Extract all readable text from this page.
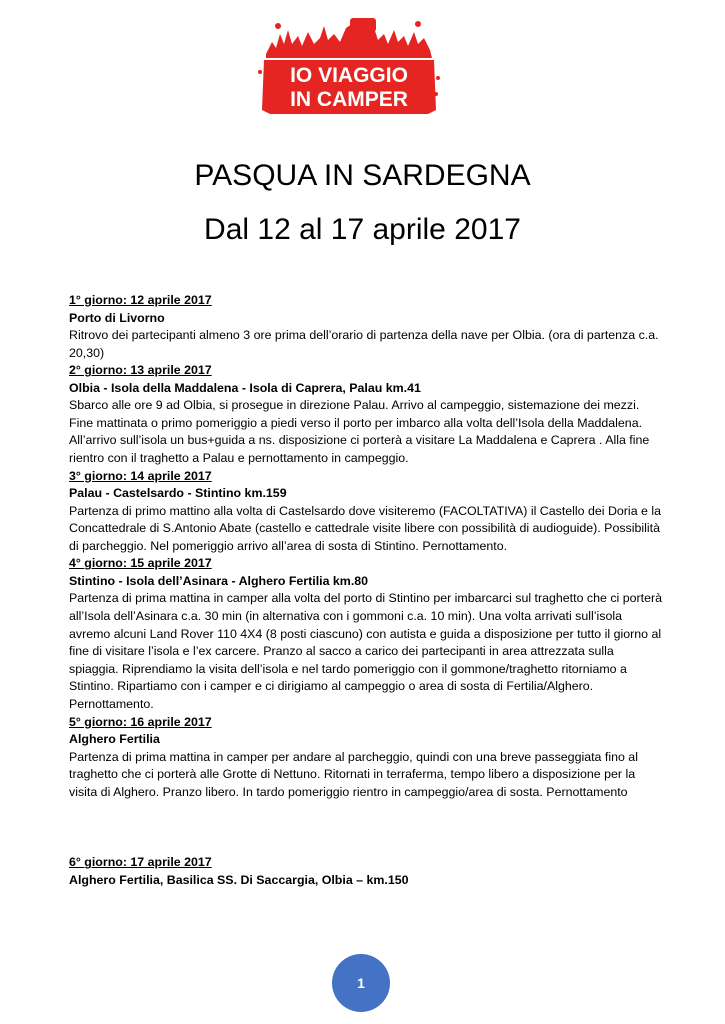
IO VIAGGIO
IN CAMPER
PASQUA IN SARDEGNA
Dal 12 al 17 aprile 2017

1° giorno: 12 aprile 2017

Porto di Livorno

Ritrovo dei partecipanti almeno 3 ore prima dell’orario di partenza della nave per Olbia. (ora di partenza c.a. 20,30)

2° giorno: 13 aprile 2017

Olbia - Isola della Maddalena - Isola di Caprera, Palau km.41

Sbarco alle ore 9 ad Olbia, si prosegue in direzione Palau. Arrivo al campeggio, sistemazione dei mezzi. Fine mattinata o primo pomeriggio a piedi verso il porto per imbarco alla volta dell’Isola della Maddalena. All’arrivo sull’isola un bus+guida a ns. disposizione ci porterà a visitare La Maddalena e Caprera . Alla fine rientro con il traghetto a Palau e pernottamento in campeggio.

3° giorno: 14 aprile 2017

Palau - Castelsardo - Stintino km.159

Partenza di primo mattino alla volta di Castelsardo dove visiteremo (FACOLTATIVA) il Castello dei Doria e la Concattedrale di S.Antonio Abate (castello e cattedrale visite libere con possibilità di audioguide). Possibilità di parcheggio. Nel pomeriggio arrivo all’area di sosta di Stintino. Pernottamento.

4° giorno: 15 aprile 2017

Stintino - Isola dell’Asinara - Alghero Fertilia km.80

Partenza di prima mattina in camper alla volta del porto di Stintino per imbarcarci sul traghetto che ci porterà all’Isola dell’Asinara c.a. 30 min (in alternativa con i gommoni c.a. 10 min). Una volta arrivati sull’isola avremo alcuni Land Rover 110 4X4 (8 posti ciascuno) con autista e guida a disposizione per tutto il giorno al fine di visitare l’isola e l’ex carcere. Pranzo al sacco a carico dei partecipanti in area attrezzata sulla spiaggia. Riprendiamo la visita dell’isola e nel tardo pomeriggio con il gommone/traghetto ritorniamo a Stintino. Ripartiamo con i camper e ci dirigiamo al campeggio o area di sosta di Fertilia/Alghero. Pernottamento.

5° giorno: 16 aprile 2017

Alghero Fertilia

Partenza di prima mattina in camper per andare al parcheggio, quindi con una breve passeggiata fino al traghetto che ci porterà alle Grotte di Nettuno. Ritornati in terraferma, tempo libero a disposizione per la visita di Alghero. Pranzo libero. In tardo pomeriggio rientro in campeggio/area di sosta. Pernottamento

6° giorno: 17 aprile 2017

Alghero Fertilia, Basilica SS. Di Saccargia, Olbia – km.150

1
